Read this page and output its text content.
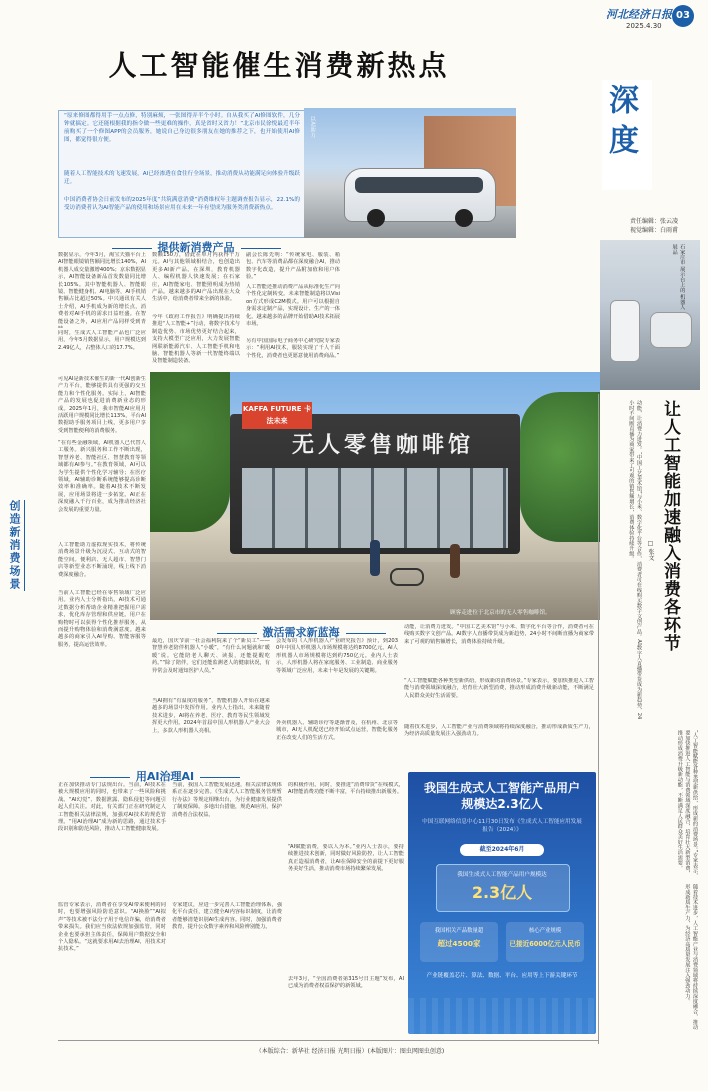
河北经济日报
2025.4.30
03
人工智能催生消费新热点
“原来修图都得用手一点点修，特别麻烦，一张图得弄半个小时。自从我买了AI修图软件，几分钟就搞定。它还能根据我的指令做一些更难的操作，真是省时又省力！”北京市民徐悦最近半年前购买了一个修图APP的会员服务，她说自己身边很多朋友在她的推荐之下，也开始使用AI修图，都觉得很方便。
随着人工智能技术的飞速发展，AI已经渗透在食住行全场景，推动消费从功能满足向体验升级跃迁。
中国消费者协会日前发布的2025年度“共筑满意消费”消费维权年主题调查报告显示，22.1%的受访消费者认为AI智能产品的使用和场景应用在未来一年有望成为服务类消费新热点。
以AI助力	深度
责任编辑：张云凌
视觉编辑：白雨甫
石家庄市 展示台上的 机器人展品
提供新消费产品
数据显示，今年3月，淘宝天猫平台上AI智能眼镜销售额同比增长140%，AI机器人成交量激增400%；京东数据显示，AI智能设备新品首发数量同比增长105%。其中智能机器人、智能眼镜、智能健身机、AI电脑等，AI手机销售额占比超过50%。中兴通讯有关人士介绍，AI手机成为新的增长点，消费者对AI手机的需求日益旺盛。在智能设备之外，AI应用产品同样受到青
同时，生成式人工智能产品也广泛应用，今年5月数据显示，用户规模达到2.49亿人，占整体人口的17.7%。
可见AI是新技术催生的新一代AI创新生产力平台，能够提供具有更强的交互能力和个性化服务。实际上，AI智能产品的发展也促进消费新业态的形成。2025年1月，我市智能AI应用月活跃用户规模同比增长113%，平台AI数据助手服务项目上线，更多用户享受到智能便利的消费服务。
数额150万，借此在单月内获得千万元。AI与其他领域相结合，也创造出更多AI新产品。在深圳，教育机器人、编程机器人快速发展；在石家庄，AI智能家电、智能照明成为热销产品。越来越多的AI产品出现在大众生活中，给消费者带来全新的体验。
今年《政府工作报告》明确提出持续推进“人工智能+”行动，将数字技术与制造优势、市场优势更好结合起来，支持大模型广泛应用，大力发展智能网联新能源汽车、人工智能手机和电脑、智能机器人等新一代智能终端以及智能制造装备。
副会长陈先明：“传统家电、服装、箱包、汽车等消费品都在深度融合AI，推动数字化改造，提升产品附加值和用户体验。”
人工智能还推动消费产品从标准化生产向个性化定制转变。未来智能制造将以Vision方式形成C2M模式。用户可以根据自身需求定制产品，实现设计、生产的一体化。越来越多的品牌开始借助AI技术拓展市场。
另有中国国际电子商务中心研究院专家表示：“利用AI技术，服装实现了千人千面个性化，消费者也更愿意使用消费商品。”
创造新消费场景
“在有些金融领域，AI机器人已代替人工服务。新兴服务和工作不断出现，智慧养老、智能社区、智慧教育等领域都有AI参与。”在教育领域，AI可以为学生提供个性化学习辅导；在医疗领域，AI辅助诊断系统能够提高诊断效率和准确率。随着AI技术不断发展，应用场景将进一步拓宽。AI正在深度融入千行百业，成为推动经济社会发展的重要力量。
人工智能助力虚拟现实技术，将传统消费场景升级为沉浸式、互动式的智能空间。便利店、无人超市、智慧门店等新型业态不断涌现，线上线下消费深度融合。
当前人工智能已经在零售领域广泛应用。业内人士分析指出，AI技术可通过数据分析帮助企业精准把握用户需求，优化库存管理和供应链。用户在购物时可以获得个性化推荐服务，从而提升购物体验和消费满意度。越来越多的商家引入AI导购、智能客服等服务，提高运营效率。
无人零售咖啡馆
KAFFA FUTURE 卡法未来
顾客走进位于北京市的无人零售咖啡馆。	让人工智能加速融入消费各环节
□ 张文
动能，让消费力迸发。“中国工艺美术馆”与小米、数字化平台等合作，消费者可在线购买数字文创产品。AI数字人直播带货成为新趋势，24小时不间断直播为商家带来了可观的销售额增长，消费体验持续升级。
“人工智能赋能各种类型新供给，形成新的消费场景。”专家表示，要加快推进人工智能与消费领域深度融合，培育壮大新型消费，推动形成消费升级新动能，不断满足人民群众美好生活需要。
随着技术进步，人工智能产业与消费领域将持续深度融合，推动形成新质生产力，为经济高质量发展注入强劲动力。
激活需求新蓝海
最近，国庆节前一社会福利院来了个“新员工”——智慧养老陪伴机器人“小暖”，“有什么问题就和‘暖暖’说。它能陪老人聊天、读报，还能提醒吃药。”“除了陪伴，它们还能监测老人的健康状况，有异常会及时通知医护人员。”
当AI拥有“有温度的服务”，智能机器人开始在越来越多的场景中发挥作用。业内人士指出，未来随着技术进步，AI将在养老、医疗、教育等民生领域发挥更大作用。2024年首届中国人形机器人产业大会上，多款人形机器人亮相。
会发布的《人形机器人产业研究报告》预计，到2030年中国人形机器人市场规模将达约8700亿元。AI人形机器人市场规模将达到约750亿元。业内人士表示，人形机器人将在家庭服务、工业制造、商业服务等领域广泛应用，未来十年是发展的关键期。
外卖机器人、辅助诊疗等逐渐普及，在杭州、北京等城市，AI无人机配送已经开始试点运营，智能化服务正在改变人们的生活方式。
动能，让消费力迸发。“中国工艺美术馆”与小米、数字化平台等合作，消费者可在线购买数字文创产品。AI数字人直播带货成为新趋势，24小时不间断直播为商家带来了可观的销售额增长，消费体验持续升级。
“人工智能赋能各种类型新供给，形成新的消费场景。”专家表示，要加快推进人工智能与消费领域深度融合，培育壮大新型消费，推动形成消费升级新动能，不断满足人民群众美好生活需要。
随着技术进步，人工智能产业与消费领域将持续深度融合，推动形成新质生产力，为经济高质量发展注入强劲动力。
用AI治理AI
正在加快推动专门法规出台。当前，AI技术在被大规模应用的同时，也带来了一些风险和挑战。“AI幻觉”、数据泄露、隐私侵犯等问题引起人们关注。对此，有关部门正在研究制定人工智能相关法律法规，加强对AI技术的规范管理。“用AI治理AI”成为新的思路，通过技术手段识别和防范风险，推动人工智能健康发展。
监管专家表示，消费者在享受AI带来便利的同时，也要增强风险防范意识。“AI换脸”“AI拟声”等技术被不法分子用于电信诈骗，给消费者带来损失。我们应当依法依规加强监管，同时企业也要承担主体责任，保障用户数据安全和个人隐私。“这就要求用AI去治理AI，用技术对抗技术。”
当前，我国人工智能发展迅速，相关法律法规体系正在逐步完善。《生成式人工智能服务管理暂行办法》等规定相继出台，为行业健康发展提供了制度保障。多地出台措施，规范AI应用，保护消费者合法权益。
专家建议，应进一步完善人工智能治理体系，强化平台责任，建立健全AI内容标识制度，让消费者能够清楚识别AI生成内容。同时，加强消费者教育，提升公众数字素养和风险辨别能力。
的积极作用。同时，要推进“消费带货”在线模式，AI智能消费功能不断丰富，平台持续推出新服务。
“AI赋能消费，要以人为本。”业内人士表示，要持续推进技术创新，同时做好风险防控，让人工智能真正造福消费者，让AI在保障安全的前提下更好服务美好生活，推动消费市场持续繁荣发展。
去年3月，“全国消费者第315号日主题”发布，AI已成为消费者权益保护的新领域。
我国生成式人工智能产品用户规模达2.3亿人
中国互联网络信息中心11月30日发布《生成式人工智能应用发展报告（2024）》
截至2024年6月
我国生成式人工智能产品用户规模达
2.3亿人
我国相关产品数量超
超过4500家
核心产业规模
已接近6000亿元人民币
产业链覆盖芯片、算法、数据、平台、应用等上下游关键环节
（本版综合：新华社 经济日报 光明日报）(本版图片：图虫网图虫创意)
